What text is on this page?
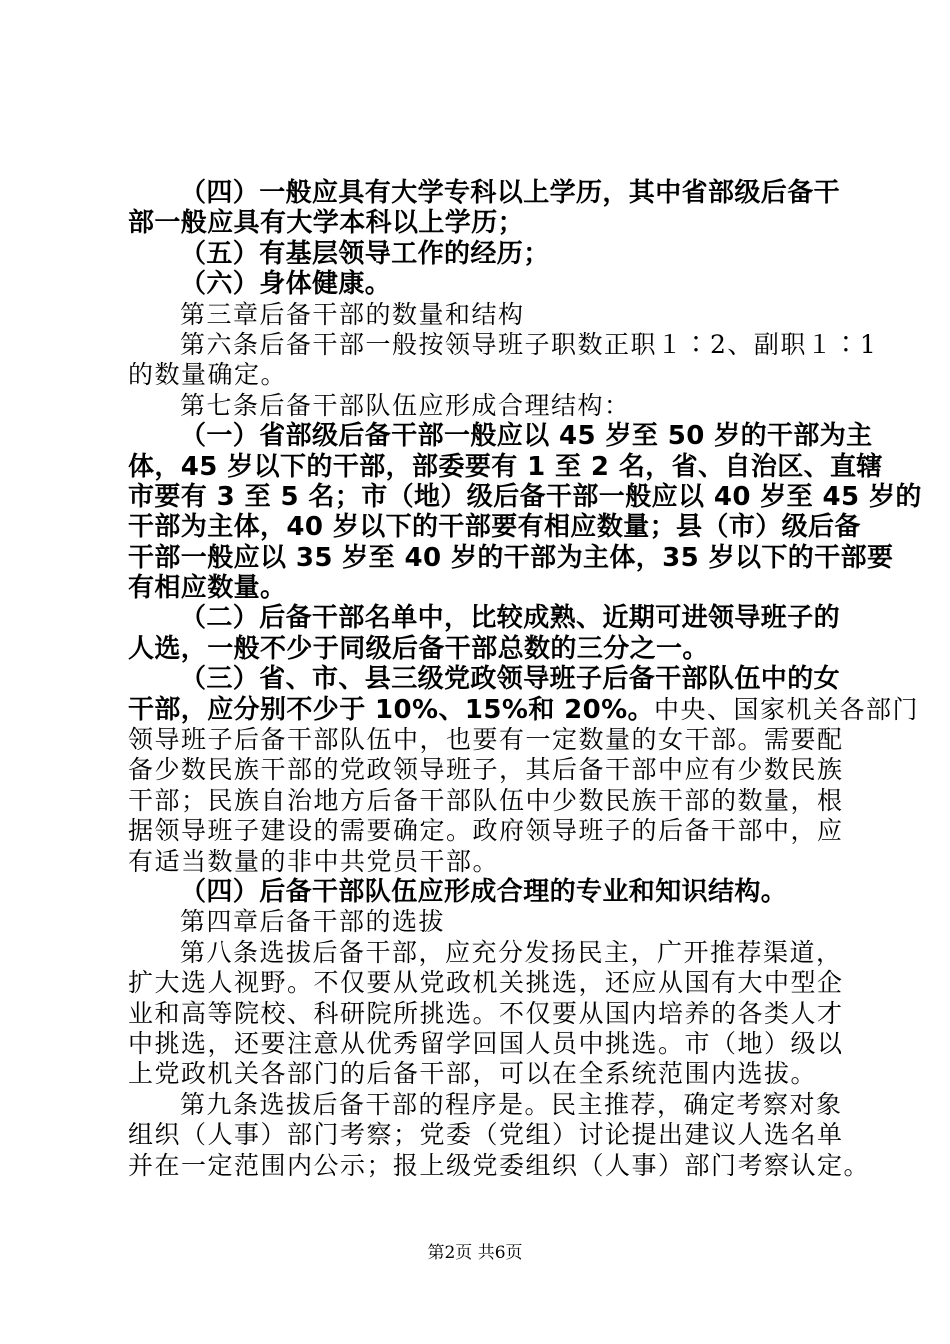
（四）一般应具有大学专科以上学历，其中省部级后备干
部一般应具有大学本科以上学历；
（五）有基层领导工作的经历；
（六）身体健康。
第三章后备干部的数量和结构
第六条后备干部一般按领导班子职数正职１∶2、副职１∶1
的数量确定。
第七条后备干部队伍应形成合理结构：
（一）省部级后备干部一般应以 45 岁至 50 岁的干部为主
体，45 岁以下的干部，部委要有 1 至 2 名，省、自治区、直辖
市要有 3 至 5 名；市（地）级后备干部一般应以 40 岁至 45 岁的
干部为主体，40 岁以下的干部要有相应数量；县（市）级后备
干部一般应以 35 岁至 40 岁的干部为主体，35 岁以下的干部要
有相应数量。
（二）后备干部名单中，比较成熟、近期可进领导班子的
人选，一般不少于同级后备干部总数的三分之一。
（三）省、市、县三级党政领导班子后备干部队伍中的女
干部，应分别不少于 10%、15%和 20%。中央、国家机关各部门
领导班子后备干部队伍中，也要有一定数量的女干部。需要配
备少数民族干部的党政领导班子，其后备干部中应有少数民族
干部；民族自治地方后备干部队伍中少数民族干部的数量，根
据领导班子建设的需要确定。政府领导班子的后备干部中，应
有适当数量的非中共党员干部。
（四）后备干部队伍应形成合理的专业和知识结构。
第四章后备干部的选拔
第八条选拔后备干部，应充分发扬民主，广开推荐渠道，
扩大选人视野。不仅要从党政机关挑选，还应从国有大中型企
业和高等院校、科研院所挑选。不仅要从国内培养的各类人才
中挑选，还要注意从优秀留学回国人员中挑选。市（地）级以
上党政机关各部门的后备干部，可以在全系统范围内选拔。
第九条选拔后备干部的程序是。民主推荐，确定考察对象
组织（人事）部门考察；党委（党组）讨论提出建议人选名单
并在一定范围内公示；报上级党委组织（人事）部门考察认定。
第2页 共6页
